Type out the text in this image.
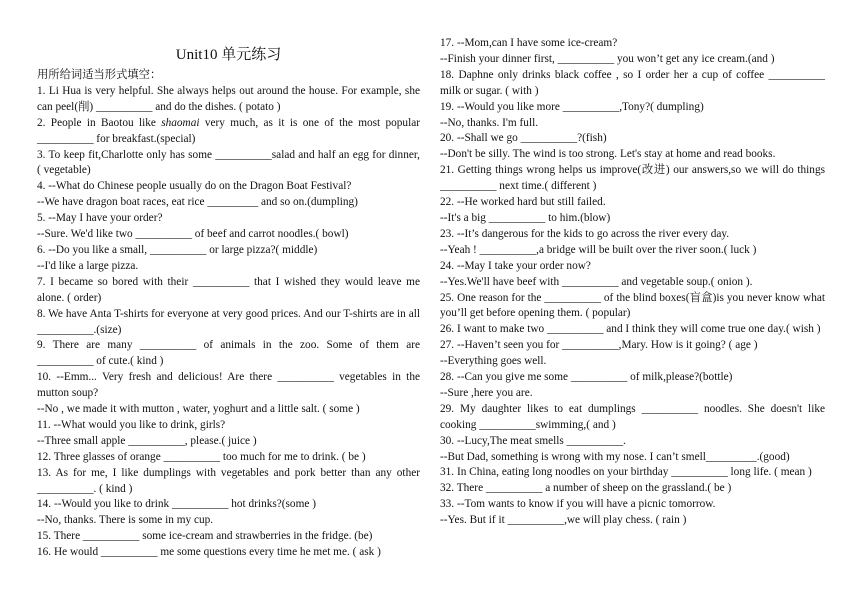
Unit10 单元练习

用所给词适当形式填空：

1. Li Hua is very helpful. She always helps out around the house. For example, she can peel(削) __________ and do the dishes. ( potato )

2. People in Baotou like shaomai very much, as it is one of the most popular __________ for breakfast.(special)

3. To keep fit,Charlotte only has some __________salad and half an egg for dinner, ( vegetable)

4. --What do Chinese people usually do on the Dragon Boat Festival?

--We have dragon boat races, eat rice _________ and so on.(dumpling)

5. --May I have your order?

--Sure. We'd like two __________ of beef and carrot noodles.( bowl)

6. --Do you like a small, __________ or large pizza?( middle)

--I'd like a large pizza.

7. I became so bored with their __________ that I wished they would leave me alone. ( order)

8. We have Anta T-shirts for everyone at very good prices. And our T-shirts are in all __________.(size)

9. There are many __________ of animals in the zoo. Some of them are __________ of cute.( kind )

10. --Emm... Very fresh and delicious! Are there __________ vegetables in the mutton soup?

--No , we made it with mutton , water, yoghurt and a little salt. ( some )

11. --What would you like to drink, girls?

--Three small apple __________, please.( juice )

12. Three glasses of orange __________ too much for me to drink. ( be )

13. As for me, I like dumplings with vegetables and pork better than any other __________. ( kind )

14. --Would you like to drink __________ hot drinks?(some )

--No, thanks. There is some in my cup.

15. There __________ some ice-cream and strawberries in the fridge. (be)

16. He would __________ me some questions every time he met me. ( ask )

17. --Mom,can I have some ice-cream?

--Finish your dinner first, __________ you won’t get any ice cream.(and )

18. Daphne only drinks black coffee , so I order her a cup of coffee __________ milk or sugar. ( with )

19. --Would you like more __________,Tony?( dumpling)

--No, thanks. I'm full.

20. --Shall we go __________?(fish)

--Don't be silly. The wind is too strong. Let's stay at home and read books.

21. Getting things wrong helps us improve(改进) our answers,so we will do things __________ next time.( different )

22. --He worked hard but still failed.

--It's a big __________ to him.(blow)

23. --It’s dangerous for the kids to go across the river every day.

--Yeah ! __________,a bridge will be built over the river soon.( luck )

24. --May I take your order now?

--Yes.We'll have beef with __________ and vegetable soup.( onion ).

25. One reason for the __________ of the blind boxes(盲盒)is you never know what you’ll get before opening them. ( popular)

26. I want to make two __________ and I think they will come true one day.( wish )

27. --Haven’t seen you for __________,Mary. How is it going? ( age )

--Everything goes well.

28. --Can you give me some __________ of milk,please?(bottle)

--Sure ,here you are.

29. My daughter likes to eat dumplings __________ noodles. She doesn't like cooking __________swimming,( and )

30. --Lucy,The meat smells __________.

--But Dad, something is wrong with my nose. I can’t smell_________.(good)

31. In China, eating long noodles on your birthday __________ long life. ( mean )

32. There __________ a number of sheep on the grassland.( be )

33. --Tom wants to know if you will have a picnic tomorrow.

--Yes. But if it __________,we will play chess. ( rain )
